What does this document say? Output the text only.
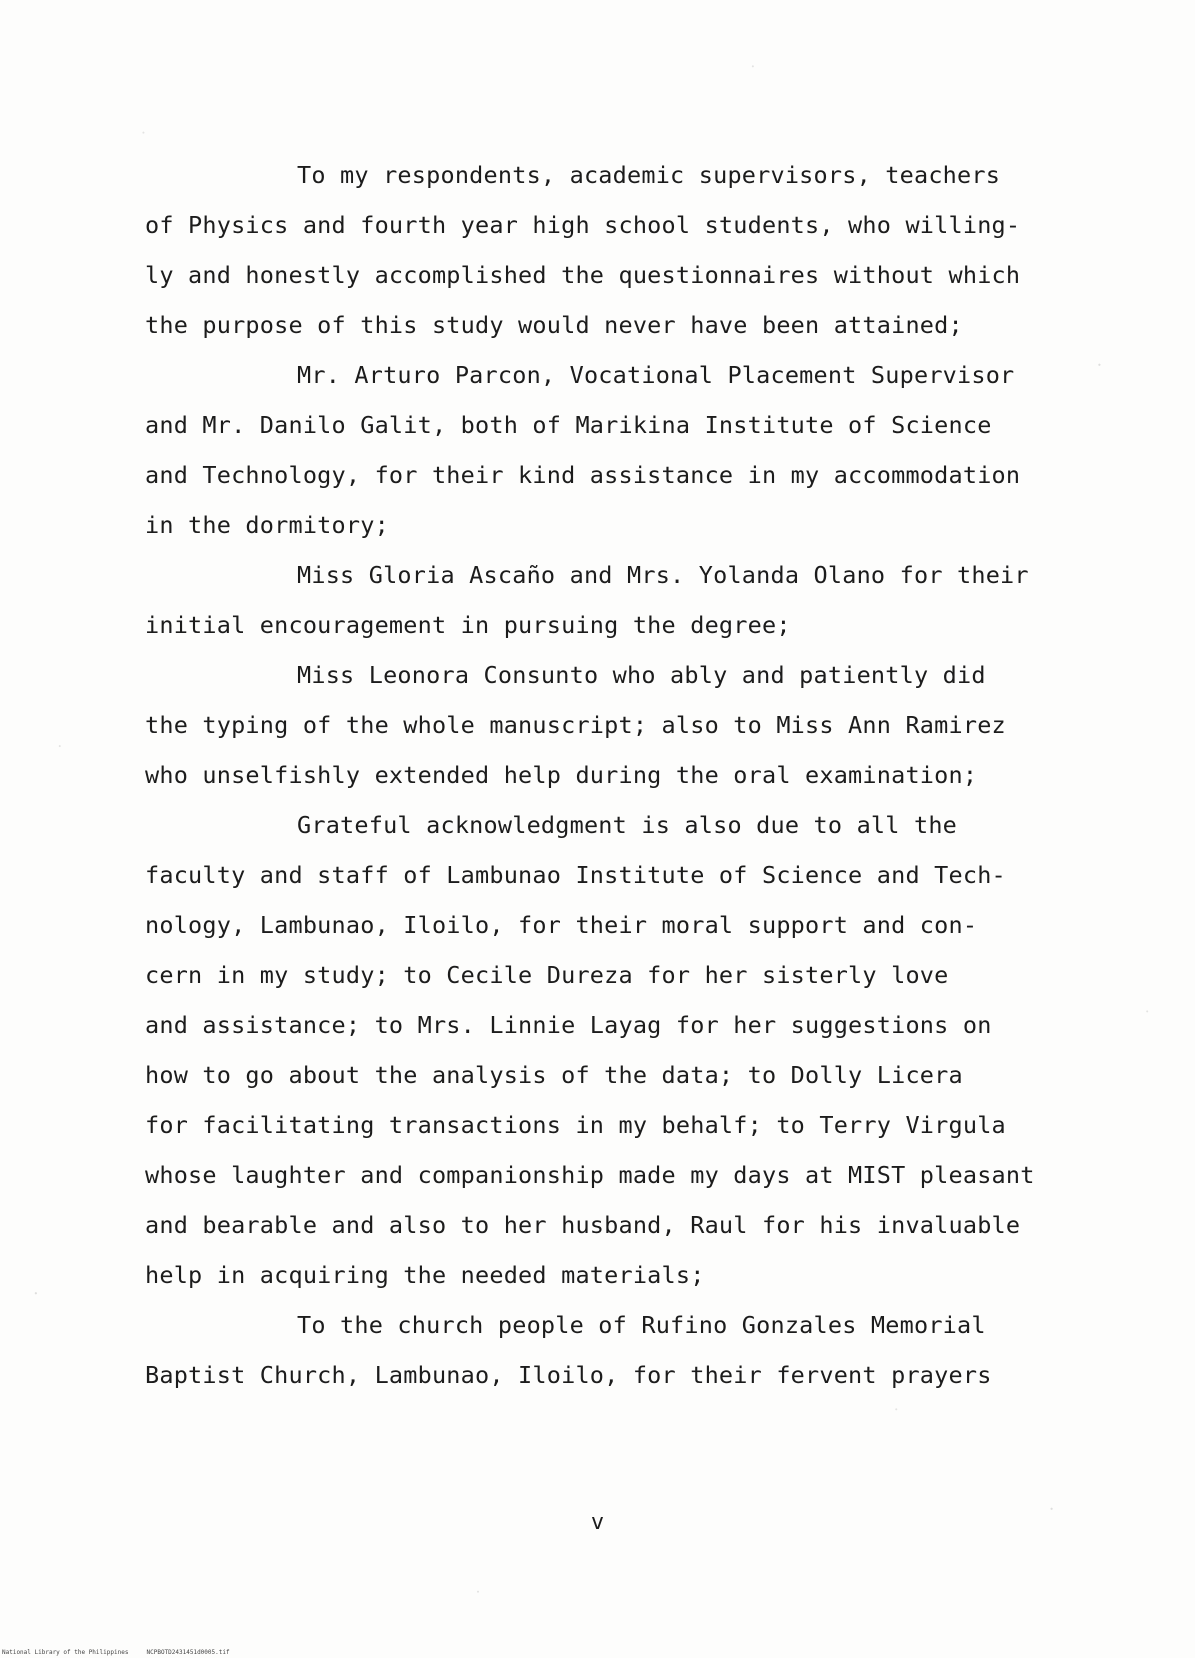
To my respondents, academic supervisors, teachers
of Physics and fourth year high school students, who willing-
ly and honestly accomplished the questionnaires without which
the purpose of this study would never have been attained;
Mr. Arturo Parcon, Vocational Placement Supervisor
and Mr. Danilo Galit, both of Marikina Institute of Science
and Technology, for their kind assistance in my accommodation
in the dormitory;
Miss Gloria Ascaño and Mrs. Yolanda Olano for their
initial encouragement in pursuing the degree;
Miss Leonora Consunto who ably and patiently did
the typing of the whole manuscript; also to Miss Ann Ramirez
who unselfishly extended help during the oral examination;
Grateful acknowledgment is also due to all the
faculty and staff of Lambunao Institute of Science and Tech-
nology, Lambunao, Iloilo, for their moral support and con-
cern in my study; to Cecile Dureza for her sisterly love
and assistance; to Mrs. Linnie Layag for her suggestions on
how to go about the analysis of the data; to Dolly Licera
for facilitating transactions in my behalf; to Terry Virgula
whose laughter and companionship made my days at MIST pleasant
and bearable and also to her husband, Raul for his invaluable
help in acquiring the needed materials;
To the church people of Rufino Gonzales Memorial
Baptist Church, Lambunao, Iloilo, for their fervent prayers
v
National Library of the Philippines     NCPBOTD2431451d0005.tif
